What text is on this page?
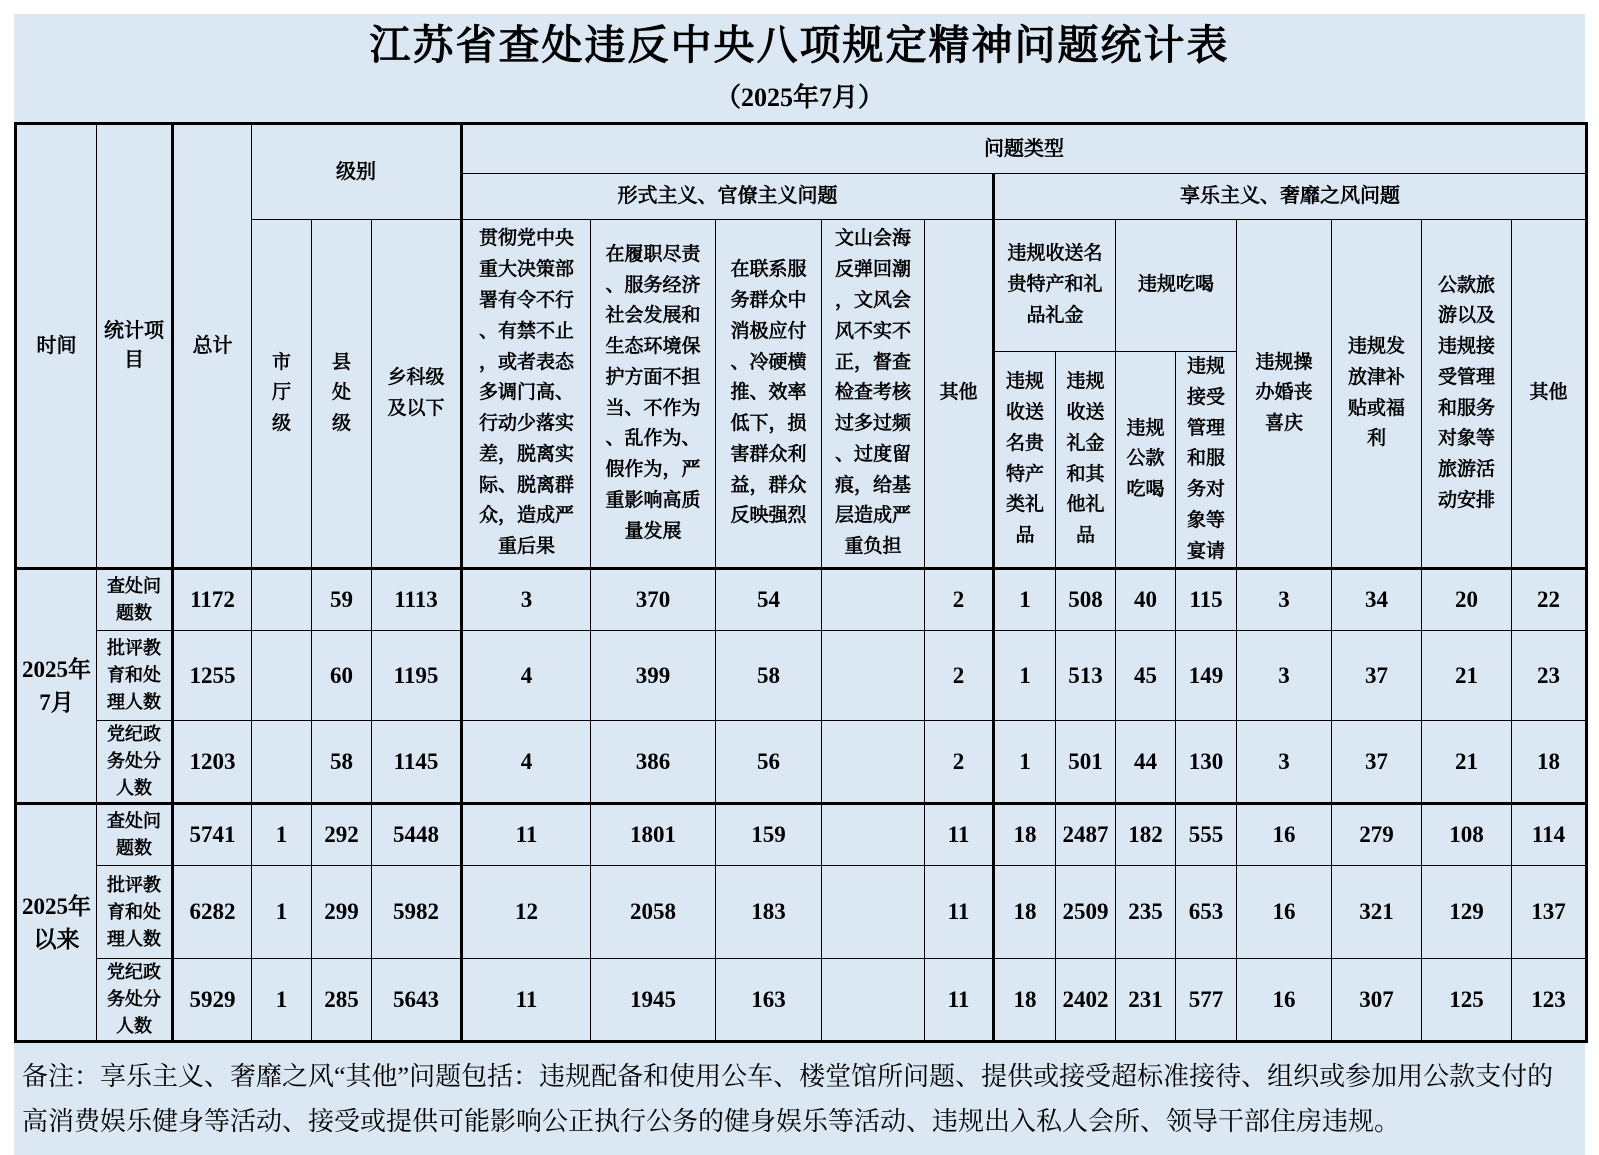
江苏省查处违反中央八项规定精神问题统计表
（2025年7月）
时间	统计项目	总计	级别			问题类型												
						形式主义、官僚主义问题					享乐主义、奢靡之风问题							

			市厅级	县处级	乡科级及以下	贯彻党中央重大决策部署有令不行、有禁不止，或者表态多调门高、行动少落实差，脱离实际、脱离群众，造成严重后果	在履职尽责、服务经济社会发展和生态环境保护方面不担当、不作为、乱作为、假作为，严重影响高质量发展	在联系服务群众中消极应付、冷硬横推、效率低下，损害群众利益，群众反映强烈	文山会海反弹回潮，文风会风不实不正，督查检查考核过多过频、过度留痕，给基层造成严重负担	其他	违规收送名贵特产和礼品礼金		违规吃喝		违规操办婚丧喜庆	违规发放津补贴或福利	公款旅游以及违规接受管理和服务对象等旅游活动安排	其他

											违规收送名贵特产类礼品	违规收送礼金和其他礼品	违规公款吃喝	违规接受管理和服务对象等宴请				

2025年7月	查处问题数	1172		59	1113	3	370	54		2	1	508	40	115	3	34	20	22
	批评教育和处理人数	1255		60	1195	4	399	58		2	1	513	45	149	3	37	21	23
	党纪政务处分人数	1203		58	1145	4	386	56		2	1	501	44	130	3	37	21	18
2025年以来	查处问题数	5741	1	292	5448	11	1801	159		11	18	2487	182	555	16	279	108	114
	批评教育和处理人数	6282	1	299	5982	12	2058	183		11	18	2509	235	653	16	321	129	137
	党纪政务处分人数	5929	1	285	5643	11	1945	163		11	18	2402	231	577	16	307	125	123
备注：享乐主义、奢靡之风“其他”问题包括：违规配备和使用公车、楼堂馆所问题、提供或接受超标准接待、组织或参加用公款支付的高消费娱乐健身等活动、接受或提供可能影响公正执行公务的健身娱乐等活动、违规出入私人会所、领导干部住房违规。
